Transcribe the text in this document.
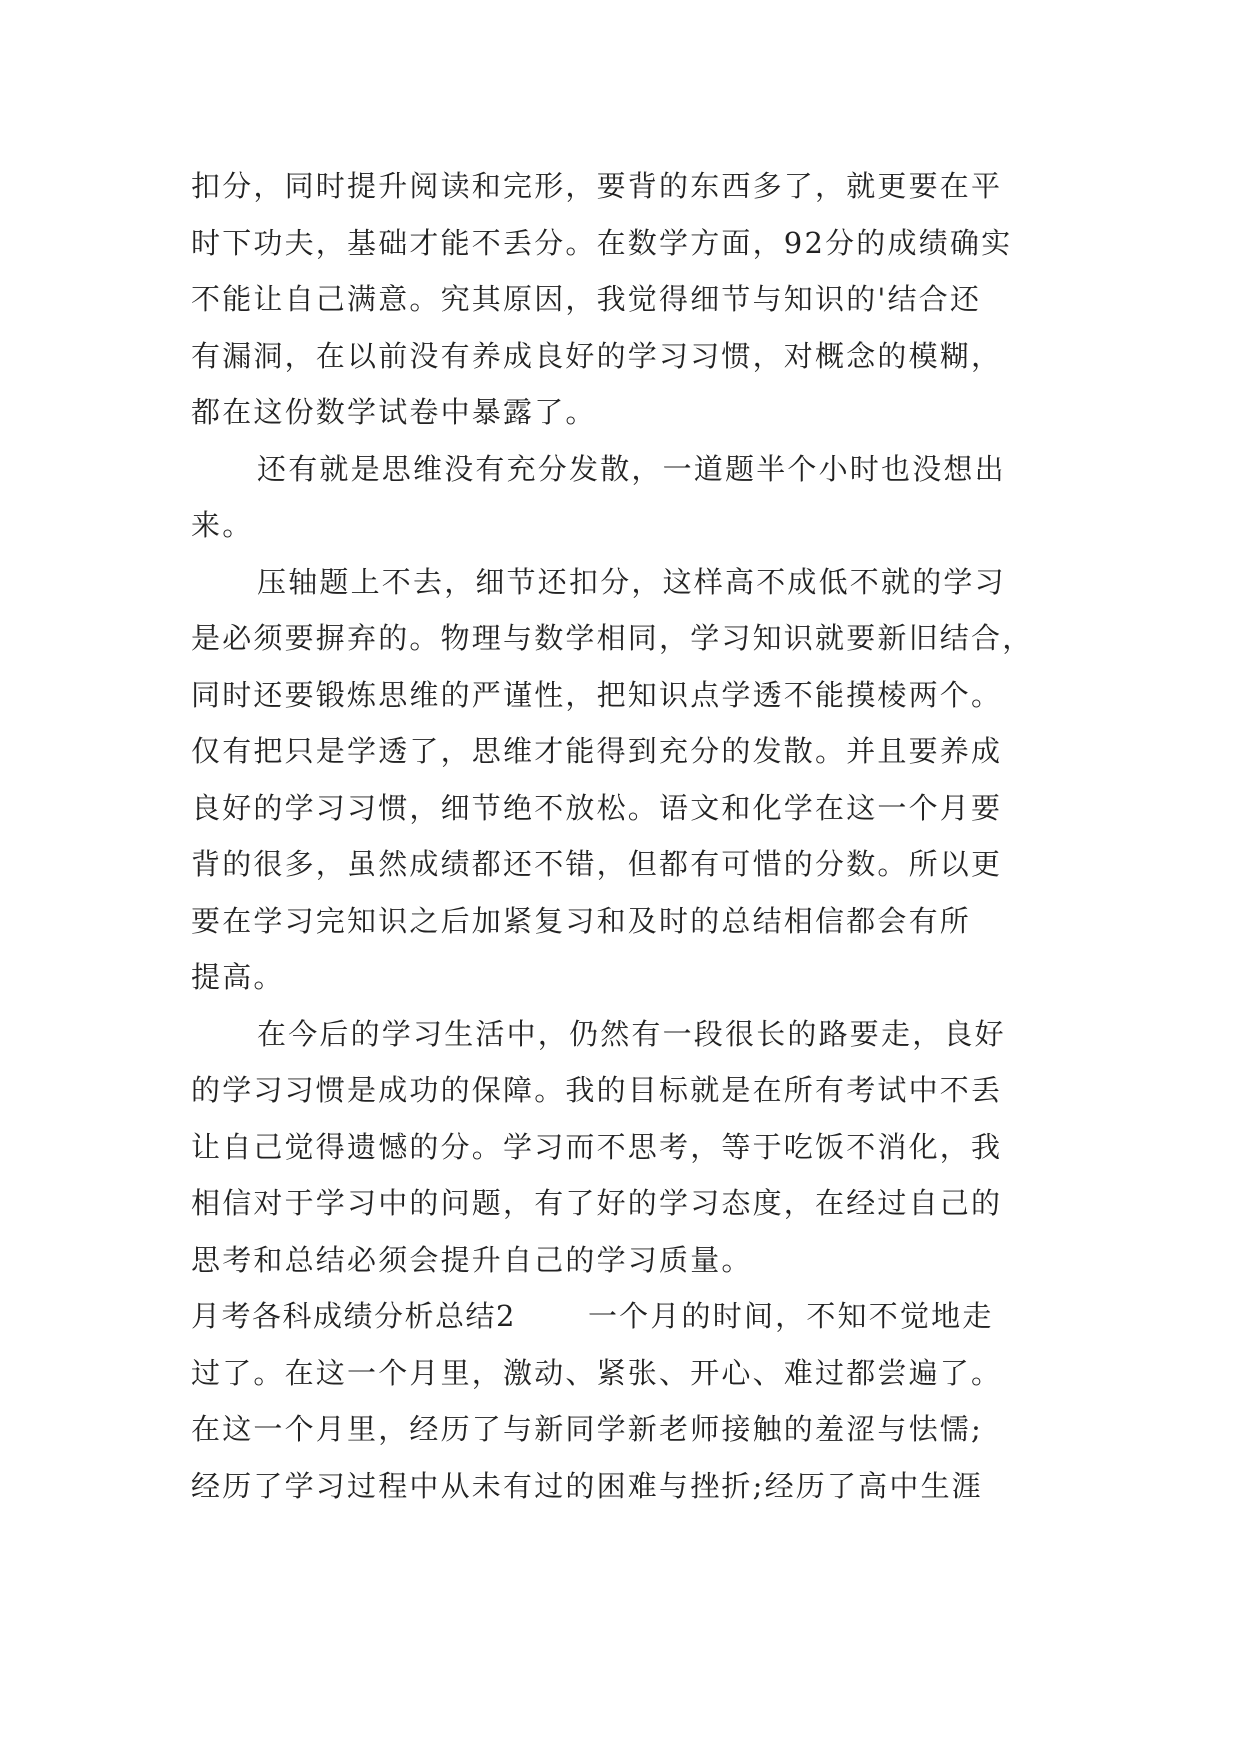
扣分，同时提升阅读和完形，要背的东西多了，就更要在平
时下功夫，基础才能不丢分。在数学方面，92分的成绩确实
不能让自己满意。究其原因，我觉得细节与知识的'结合还
有漏洞，在以前没有养成良好的学习习惯，对概念的模糊，
都在这份数学试卷中暴露了。
还有就是思维没有充分发散，一道题半个小时也没想出
来。
压轴题上不去，细节还扣分，这样高不成低不就的学习
是必须要摒弃的。物理与数学相同，学习知识就要新旧结合，
同时还要锻炼思维的严谨性，把知识点学透不能摸棱两个。
仅有把只是学透了，思维才能得到充分的发散。并且要养成
良好的学习习惯，细节绝不放松。语文和化学在这一个月要
背的很多，虽然成绩都还不错，但都有可惜的分数。所以更
要在学习完知识之后加紧复习和及时的总结相信都会有所
提高。
在今后的学习生活中，仍然有一段很长的路要走，良好
的学习习惯是成功的保障。我的目标就是在所有考试中不丢
让自己觉得遗憾的分。学习而不思考，等于吃饭不消化，我
相信对于学习中的问题，有了好的学习态度，在经过自己的
思考和总结必须会提升自己的学习质量。
月考各科成绩分析总结2 一个月的时间，不知不觉地走
过了。在这一个月里，激动、紧张、开心、难过都尝遍了。
在这一个月里，经历了与新同学新老师接触的羞涩与怯懦;
经历了学习过程中从未有过的困难与挫折;经历了高中生涯
